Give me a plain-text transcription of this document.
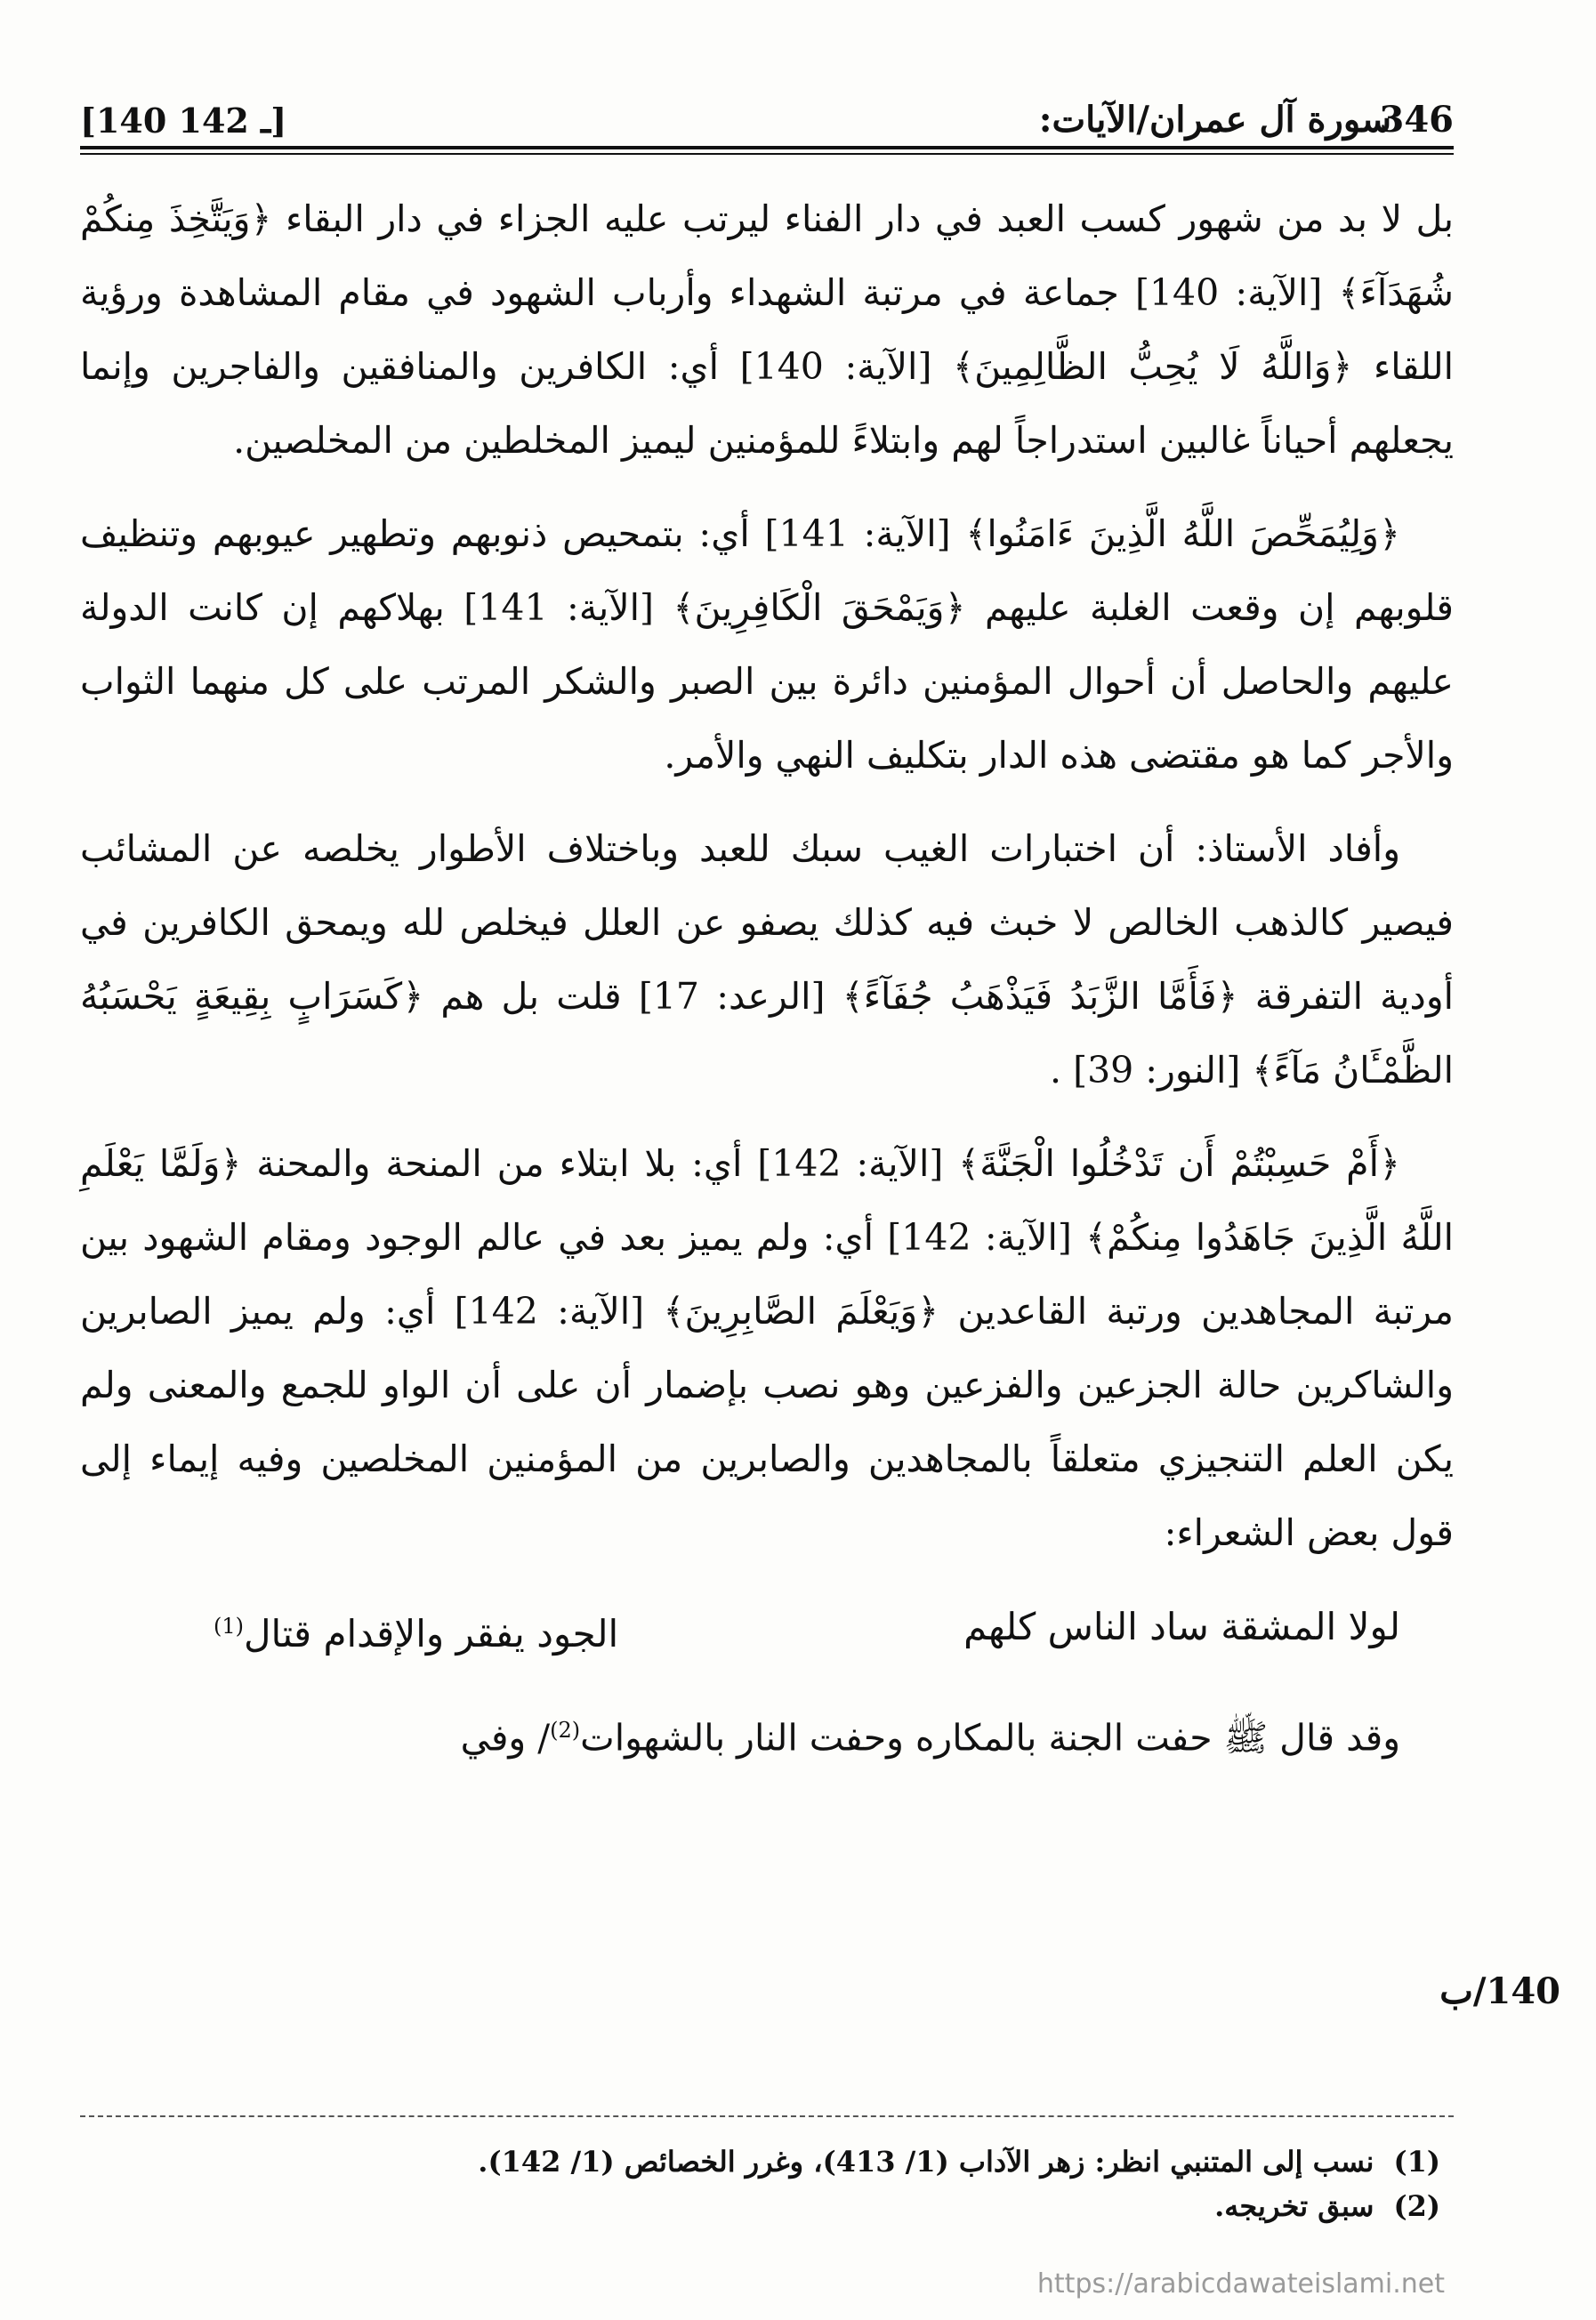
[140 ـ 142]	سورة آل عمران/الآيات:
346

بل لا بد من شهور كسب العبد في دار الفناء ليرتب عليه الجزاء في دار البقاء ﴿وَيَتَّخِذَ مِنكُمْ شُهَدَآءَ﴾ [الآية: 140] جماعة في مرتبة الشهداء وأرباب الشهود في مقام المشاهدة ورؤية اللقاء ﴿وَاللَّهُ لَا يُحِبُّ الظَّالِمِينَ﴾ [الآية: 140] أي: الكافرين والمنافقين والفاجرين وإنما يجعلهم أحياناً غالبين استدراجاً لهم وابتلاءً للمؤمنين ليميز المخلطين من المخلصين.

﴿وَلِيُمَحِّصَ اللَّهُ الَّذِينَ ءَامَنُوا﴾ [الآية: 141] أي: بتمحيص ذنوبهم وتطهير عيوبهم وتنظيف قلوبهم إن وقعت الغلبة عليهم ﴿وَيَمْحَقَ الْكَافِرِينَ﴾ [الآية: 141] بهلاكهم إن كانت الدولة عليهم والحاصل أن أحوال المؤمنين دائرة بين الصبر والشكر المرتب على كل منهما الثواب والأجر كما هو مقتضى هذه الدار بتكليف النهي والأمر.

وأفاد الأستاذ: أن اختبارات الغيب سبك للعبد وباختلاف الأطوار يخلصه عن المشائب فيصير كالذهب الخالص لا خبث فيه كذلك يصفو عن العلل فيخلص لله ويمحق الكافرين في أودية التفرقة ﴿فَأَمَّا الزَّبَدُ فَيَذْهَبُ جُفَآءً﴾ [الرعد: 17] قلت بل هم ﴿كَسَرَابٍ بِقِيعَةٍ يَحْسَبُهُ الظَّمْـَٔانُ مَآءً﴾ [النور: 39] .

﴿أَمْ حَسِبْتُمْ أَن تَدْخُلُوا الْجَنَّةَ﴾ [الآية: 142] أي: بلا ابتلاء من المنحة والمحنة ﴿وَلَمَّا يَعْلَمِ اللَّهُ الَّذِينَ جَاهَدُوا مِنكُمْ﴾ [الآية: 142] أي: ولم يميز بعد في عالم الوجود ومقام الشهود بين مرتبة المجاهدين ورتبة القاعدين ﴿وَيَعْلَمَ الصَّابِرِينَ﴾ [الآية: 142] أي: ولم يميز الصابرين والشاكرين حالة الجزعين والفزعين وهو نصب بإضمار أن على أن الواو للجمع والمعنى ولم يكن العلم التنجيزي متعلقاً بالمجاهدين والصابرين من المؤمنين المخلصين وفيه إيماء إلى قول بعض الشعراء:

لولا المشقة ساد الناس كلهم
الجود يفقر والإقدام قتال$^{(1)}$

وقد قال ﷺ حفت الجنة بالمكاره وحفت النار بالشهوات$^{(2)}$/ وفي

140/ب

(1)نسب إلى المتنبي انظر: زهر الآداب (1/ 413)، وغرر الخصائص (1/ 142).

(2)سبق تخريجه.

https://arabicdawateislami.net
